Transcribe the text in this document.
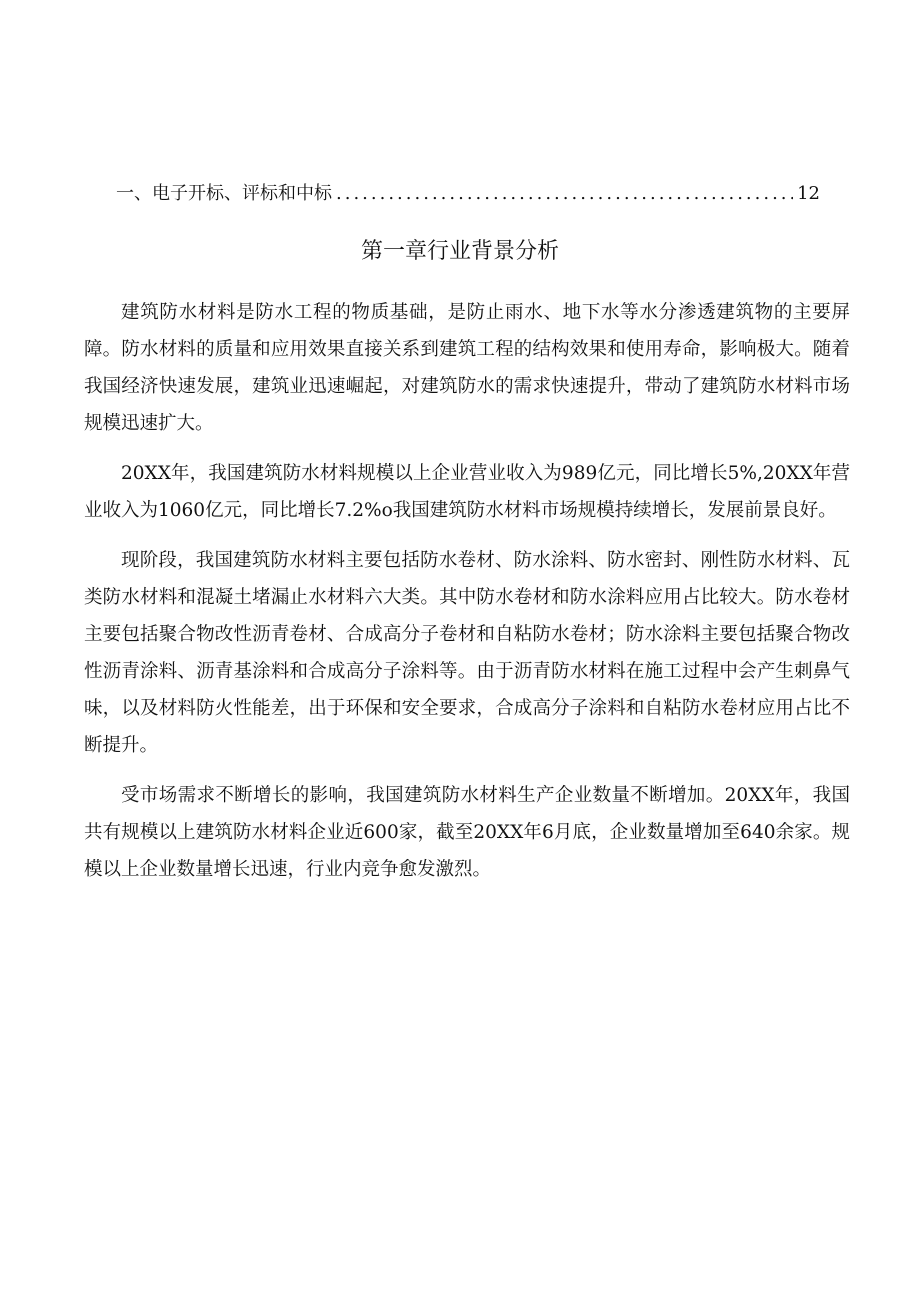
一、电子开标、评标和中标
.....	12
第一章行业背景分析

建筑防水材料是防水工程的物质基础，是防止雨水、地下水等水分渗透建筑物的主要屏障。防水材料的质量和应用效果直接关系到建筑工程的结构效果和使用寿命，影响极大。随着我国经济快速发展，建筑业迅速崛起，对建筑防水的需求快速提升，带动了建筑防水材料市场规模迅速扩大。

20XX年，我国建筑防水材料规模以上企业营业收入为989亿元，同比增长5%,20XX年营业收入为1060亿元，同比增长7.2%o我国建筑防水材料市场规模持续增长，发展前景良好。

现阶段，我国建筑防水材料主要包括防水卷材、防水涂料、防水密封、刚性防水材料、瓦类防水材料和混凝土堵漏止水材料六大类。其中防水卷材和防水涂料应用占比较大。防水卷材主要包括聚合物改性沥青卷材、合成高分子卷材和自粘防水卷材；防水涂料主要包括聚合物改性沥青涂料、沥青基涂料和合成高分子涂料等。由于沥青防水材料在施工过程中会产生刺鼻气味，以及材料防火性能差，出于环保和安全要求，合成高分子涂料和自粘防水卷材应用占比不断提升。

受市场需求不断增长的影响，我国建筑防水材料生产企业数量不断增加。20XX年，我国共有规模以上建筑防水材料企业近600家，截至20XX年6月底，企业数量增加至640余家。规模以上企业数量增长迅速，行业内竞争愈发激烈。
